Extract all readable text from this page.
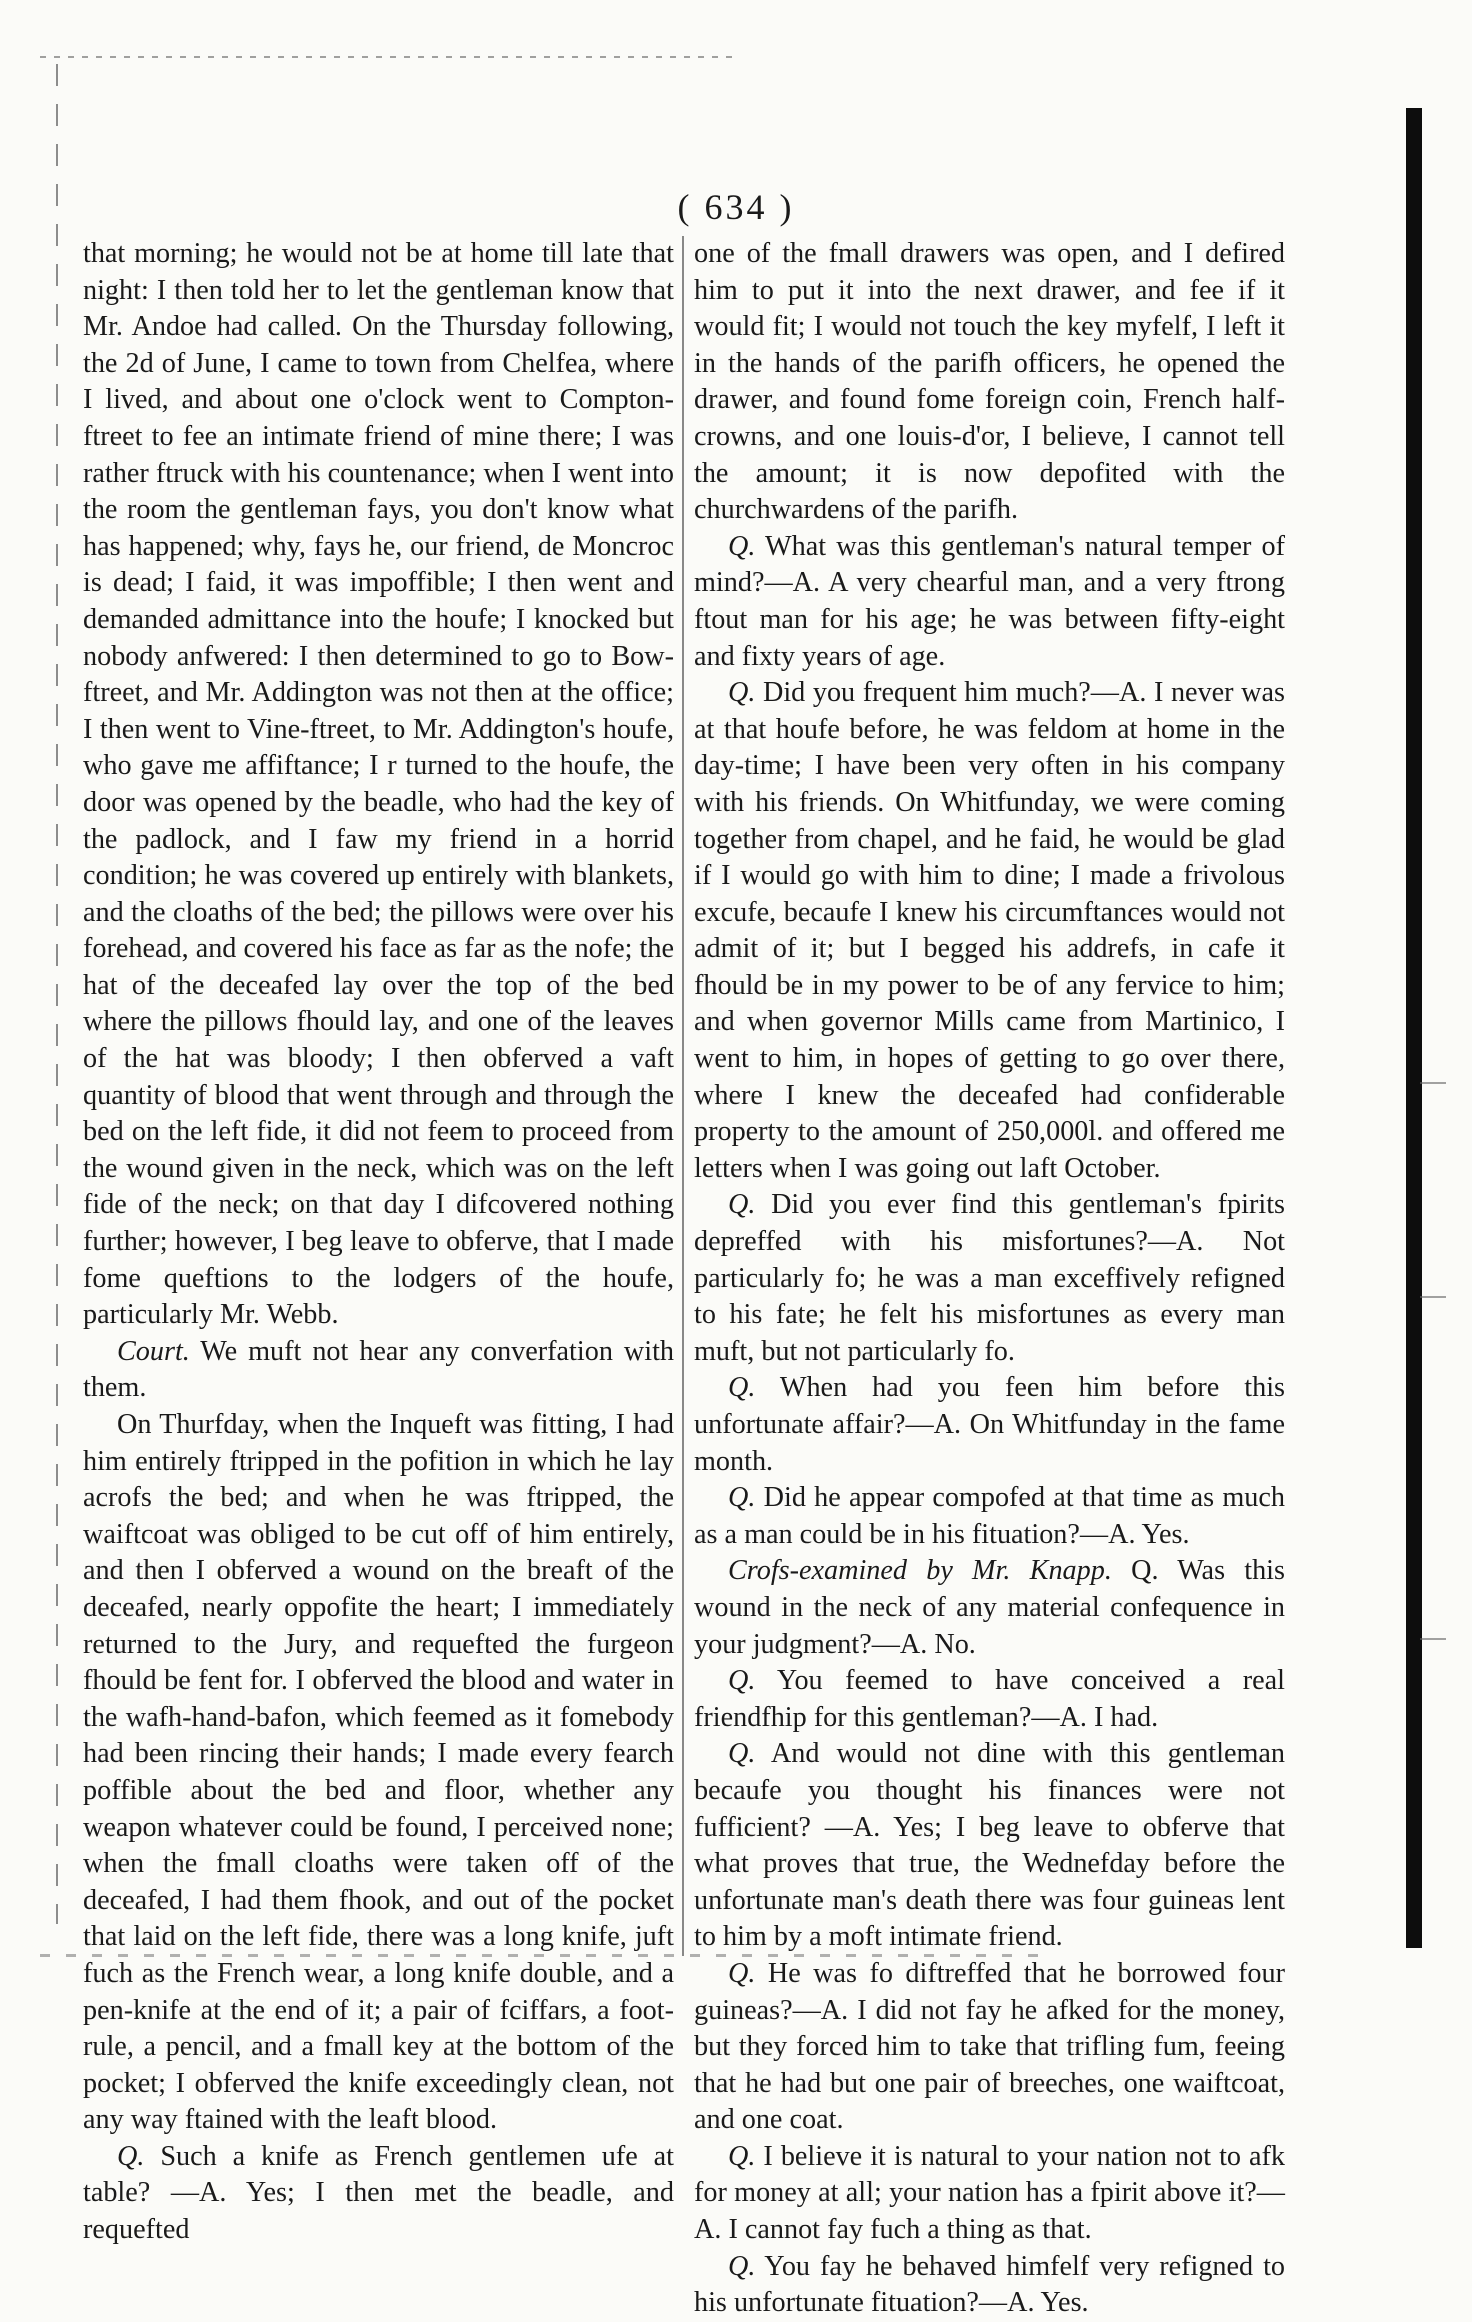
( 634 )

that morning; he would not be at home till late that night: I then told her to let the gentleman know that Mr. Andoe had called. On the Thursday following, the 2d of June, I came to town from Chelfea, where I lived, and about one o'clock went to Compton-ftreet to fee an intimate friend of mine there; I was rather ftruck with his countenance; when I went into the room the gentleman fays, you don't know what has happened; why, fays he, our friend, de Moncroc is dead; I faid, it was impoffible; I then went and demanded admittance into the houfe; I knocked but nobody anfwered: I then determined to go to Bow-ftreet, and Mr. Addington was not then at the office; I then went to Vine-ftreet, to Mr. Addington's houfe, who gave me affiftance; I r turned to the houfe, the door was opened by the beadle, who had the key of the padlock, and I faw my friend in a horrid condition; he was covered up entirely with blankets, and the cloaths of the bed; the pillows were over his forehead, and covered his face as far as the nofe; the hat of the deceafed lay over the top of the bed where the pillows fhould lay, and one of the leaves of the hat was bloody; I then obferved a vaft quantity of blood that went through and through the bed on the left fide, it did not feem to proceed from the wound given in the neck, which was on the left fide of the neck; on that day I difcovered nothing further; however, I beg leave to obferve, that I made fome queftions to the lodgers of the houfe, particularly Mr. Webb.

Court. We muft not hear any converfation with them.

On Thurfday, when the Inqueft was fitting, I had him entirely ftripped in the pofition in which he lay acrofs the bed; and when he was ftripped, the waiftcoat was obliged to be cut off of him entirely, and then I obferved a wound on the breaft of the deceafed, nearly oppofite the heart; I immediately returned to the Jury, and requefted the furgeon fhould be fent for. I obferved the blood and water in the wafh-hand-bafon, which feemed as it fomebody had been rincing their hands; I made every fearch poffible about the bed and floor, whether any weapon whatever could be found, I perceived none; when the fmall cloaths were taken off of the deceafed, I had them fhook, and out of the pocket that laid on the left fide, there was a long knife, juft fuch as the French wear, a long knife double, and a pen-knife at the end of it; a pair of fciffars, a foot-rule, a pencil, and a fmall key at the bottom of the pocket; I obferved the knife exceedingly clean, not any way ftained with the leaft blood.

Q. Such a knife as French gentlemen ufe at table? —A. Yes; I then met the beadle, and requefted

one of the fmall drawers was open, and I defired him to put it into the next drawer, and fee if it would fit; I would not touch the key myfelf, I left it in the hands of the parifh officers, he opened the drawer, and found fome foreign coin, French half-crowns, and one louis-d'or, I believe, I cannot tell the amount; it is now depofited with the churchwardens of the parifh.

Q. What was this gentleman's natural temper of mind?—A. A very chearful man, and a very ftrong ftout man for his age; he was between fifty-eight and fixty years of age.

Q. Did you frequent him much?—A. I never was at that houfe before, he was feldom at home in the day-time; I have been very often in his company with his friends. On Whitfunday, we were coming together from chapel, and he faid, he would be glad if I would go with him to dine; I made a frivolous excufe, becaufe I knew his circumftances would not admit of it; but I begged his addrefs, in cafe it fhould be in my power to be of any fervice to him; and when governor Mills came from Martinico, I went to him, in hopes of getting to go over there, where I knew the deceafed had confiderable property to the amount of 250,000l. and offered me letters when I was going out laft October.

Q. Did you ever find this gentleman's fpirits depreffed with his misfortunes?—A. Not particularly fo; he was a man exceffively refigned to his fate; he felt his misfortunes as every man muft, but not particularly fo.

Q. When had you feen him before this unfortunate affair?—A. On Whitfunday in the fame month.

Q. Did he appear compofed at that time as much as a man could be in his fituation?—A. Yes.

Crofs-examined by Mr. Knapp. Q. Was this wound in the neck of any material confequence in your judgment?—A. No.

Q. You feemed to have conceived a real friendfhip for this gentleman?—A. I had.

Q. And would not dine with this gentleman becaufe you thought his finances were not fufficient? —A. Yes; I beg leave to obferve that what proves that true, the Wednefday before the unfortunate man's death there was four guineas lent to him by a moft intimate friend.

Q. He was fo diftreffed that he borrowed four guineas?—A. I did not fay he afked for the money, but they forced him to take that trifling fum, feeing that he had but one pair of breeches, one waiftcoat, and one coat.

Q. I believe it is natural to your nation not to afk for money at all; your nation has a fpirit above it?—A. I cannot fay fuch a thing as that.

Q. You fay he behaved himfelf very refigned to his unfortunate fituation?—A. Yes.
